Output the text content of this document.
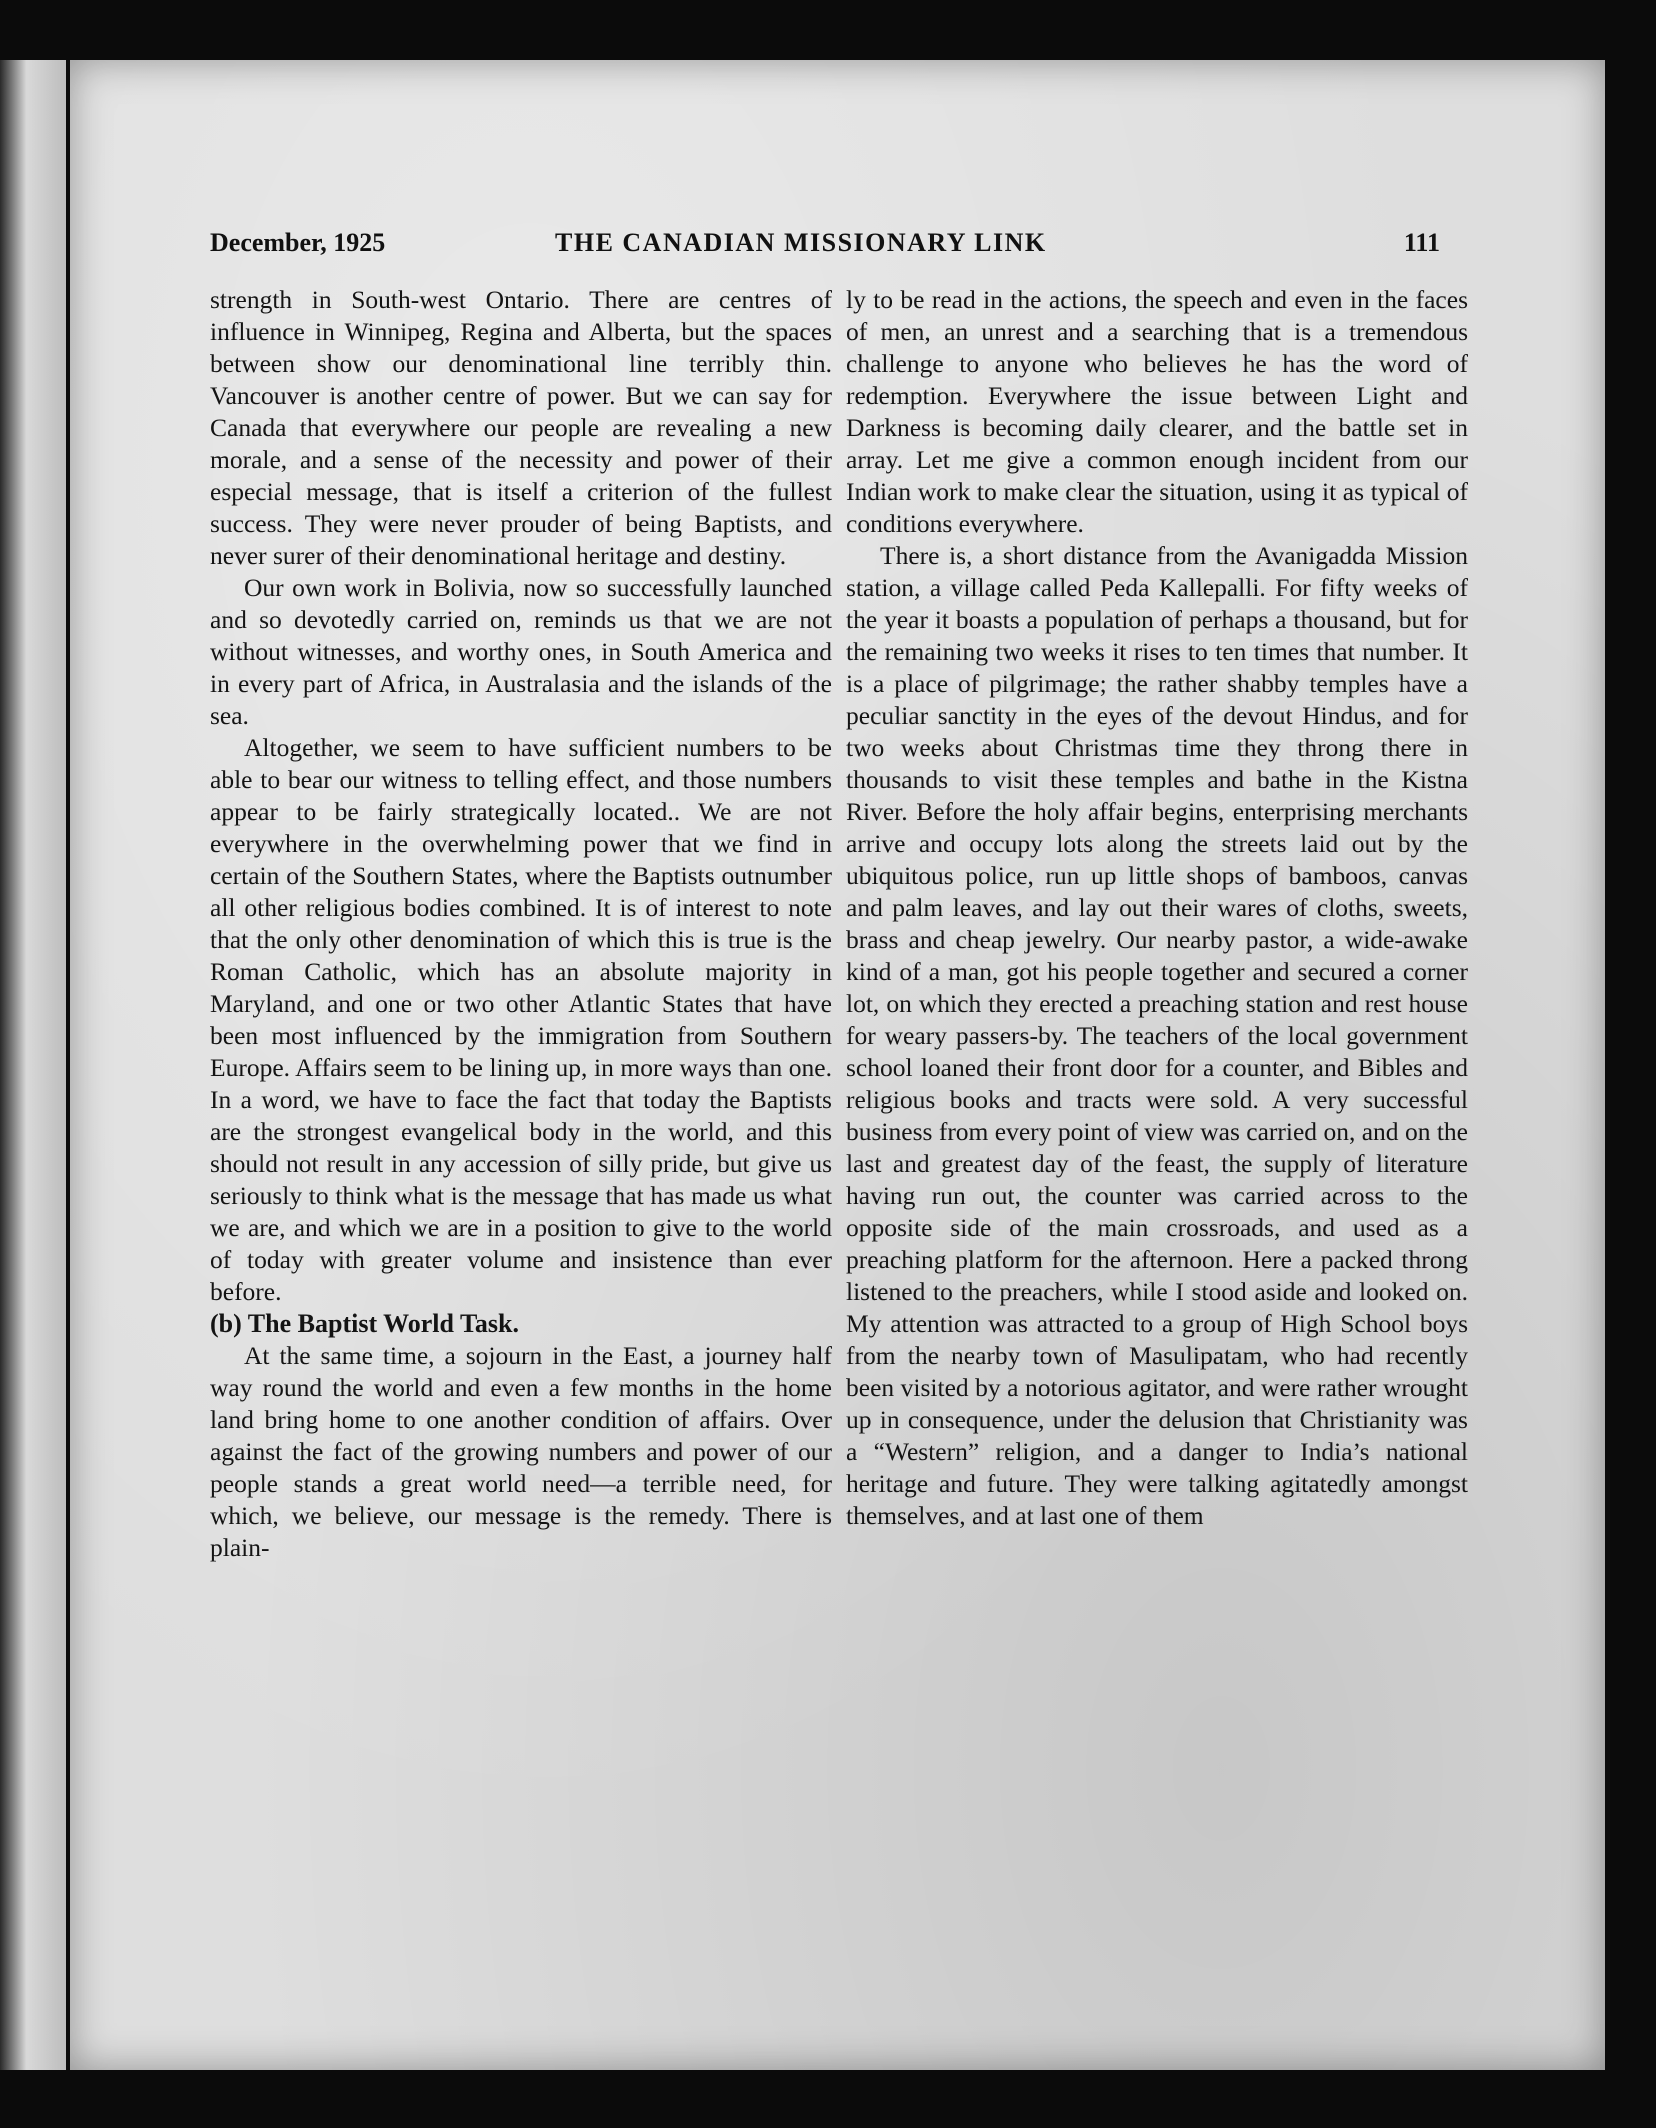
December, 1925	THE CANADIAN MISSIONARY LINK	111

strength in South-west Ontario. There are centres of influence in Winnipeg, Regina and Alberta, but the spaces between show our denominational line terribly thin. Vancouver is another centre of power. But we can say for Canada that everywhere our people are revealing a new morale, and a sense of the necessity and power of their especial message, that is itself a criterion of the fullest success. They were never prouder of being Baptists, and never surer of their denominational heritage and destiny.

Our own work in Bolivia, now so successfully launched and so devotedly carried on, reminds us that we are not without witnesses, and worthy ones, in South America and in every part of Africa, in Australasia and the islands of the sea.

Altogether, we seem to have sufficient numbers to be able to bear our witness to telling effect, and those numbers appear to be fairly strategically located.. We are not everywhere in the overwhelming power that we find in certain of the Southern States, where the Baptists outnumber all other religious bodies combined. It is of interest to note that the only other denomination of which this is true is the Roman Catholic, which has an absolute majority in Maryland, and one or two other Atlantic States that have been most influenced by the immigration from Southern Europe. Affairs seem to be lining up, in more ways than one. In a word, we have to face the fact that today the Baptists are the strongest evangelical body in the world, and this should not result in any accession of silly pride, but give us seriously to think what is the message that has made us what we are, and which we are in a position to give to the world of today with greater volume and insistence than ever before.

(b) The Baptist World Task.

At the same time, a sojourn in the East, a journey half way round the world and even a few months in the home land bring home to one another condition of affairs. Over against the fact of the growing numbers and power of our people stands a great world need—a terrible need, for which, we believe, our message is the remedy. There is plain-

ly to be read in the actions, the speech and even in the faces of men, an unrest and a searching that is a tremendous challenge to anyone who believes he has the word of redemption. Everywhere the issue between Light and Darkness is becoming daily clearer, and the battle set in array. Let me give a common enough incident from our Indian work to make clear the situation, using it as typical of conditions everywhere.

There is, a short distance from the Avanigadda Mission station, a village called Peda Kallepalli. For fifty weeks of the year it boasts a population of perhaps a thousand, but for the remaining two weeks it rises to ten times that number. It is a place of pilgrimage; the rather shabby temples have a peculiar sanctity in the eyes of the devout Hindus, and for two weeks about Christmas time they throng there in thousands to visit these temples and bathe in the Kistna River. Before the holy affair begins, enterprising merchants arrive and occupy lots along the streets laid out by the ubiquitous police, run up little shops of bamboos, canvas and palm leaves, and lay out their wares of cloths, sweets, brass and cheap jewelry. Our nearby pastor, a wide-awake kind of a man, got his people together and secured a corner lot, on which they erected a preaching station and rest house for weary passers-by. The teachers of the local government school loaned their front door for a counter, and Bibles and religious books and tracts were sold. A very successful business from every point of view was carried on, and on the last and greatest day of the feast, the supply of literature having run out, the counter was carried across to the opposite side of the main crossroads, and used as a preaching platform for the afternoon. Here a packed throng listened to the preachers, while I stood aside and looked on. My attention was attracted to a group of High School boys from the nearby town of Masulipatam, who had recently been visited by a notorious agitator, and were rather wrought up in consequence, under the delusion that Christianity was a “Western” religion, and a danger to India’s national heritage and future. They were talking agitatedly amongst themselves, and at last one of them
